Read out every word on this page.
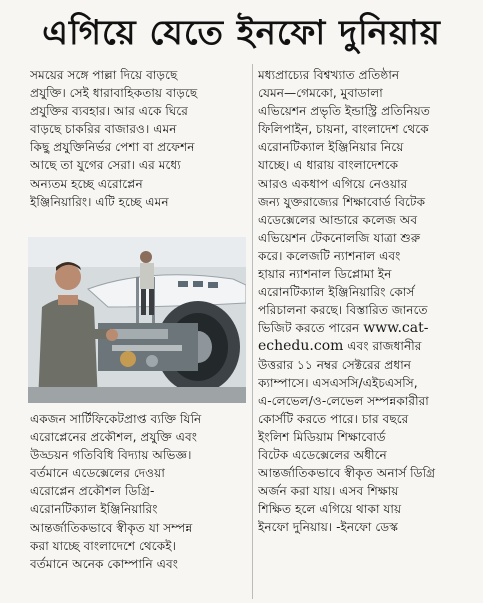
এগিয়ে যেতে ইনফো দুনিয়ায়
সময়ের সঙ্গে পাল্লা দিয়ে বাড়ছে
প্রযুক্তি। সেই ধারাবাহিকতায় বাড়ছে
প্রযুক্তির ব্যবহার। আর একে ঘিরে
বাড়ছে চাকরির বাজারও। এমন
কিছু প্রযুক্তিনির্ভর পেশা বা প্রফেশন
আছে তা যুগের সেরা। এর মধ্যে
অন্যতম হচ্ছে এরোপ্লেন
ইঞ্জিনিয়ারিং। এটি হচ্ছে এমন
একজন সার্টিফিকেটপ্রাপ্ত ব্যক্তি যিনি
এরোপ্লেনের প্রকৌশল, প্রযুক্তি এবং
উড্ডয়ন গতিবিধি বিদ্যায় অভিজ্ঞ।
বর্তমানে এডেক্সেলের দেওয়া
এরোপ্লেন প্রকৌশল ডিগ্রি-
এরোনটিক্যাল ইঞ্জিনিয়ারিং
আন্তর্জাতিকভাবে স্বীকৃত যা সম্পন্ন
করা যাচ্ছে বাংলাদেশে থেকেই।
বর্তমানে অনেক কোম্পানি এবং
মধ্যপ্রাচ্যের বিশ্বখ্যাত প্রতিষ্ঠান
যেমন—গেমকো, মুবাডালা
এভিয়েশন প্রভৃতি ইন্ডাস্ট্রি প্রতিনিয়ত
ফিলিপাইন, চায়না, বাংলাদেশ থেকে
এরোনটিক্যাল ইঞ্জিনিয়ার নিয়ে
যাচ্ছে। এ ধারায় বাংলাদেশকে
আরও একধাপ এগিয়ে নেওয়ার
জন্য যুক্তরাজ্যের শিক্ষাবোর্ড বিটেক
এডেক্সেলের আন্ডারে কলেজ অব
এভিয়েশন টেকনোলজি যাত্রা শুরু
করে। কলেজটি ন্যাশনাল এবং
হায়ার ন্যাশনাল ডিপ্লোমা ইন
এরোনটিক্যাল ইঞ্জিনিয়ারিং কোর্স
পরিচালনা করছে। বিস্তারিত জানতে
ভিজিট করতে পারেন www.cat-
echedu.com এবং রাজধানীর
উত্তরার ১১ নম্বর সেক্টরের প্রধান
ক্যাম্পাসে। এসএসসি/এইচএসসি,
এ-লেভেল/ও-লেভেল সম্পন্নকারীরা
কোর্সটি করতে পারে। চার বছরে
ইংলিশ মিডিয়াম শিক্ষাবোর্ড
বিটেক এডেক্সেলের অধীনে
আন্তর্জাতিকভাবে স্বীকৃত অনার্স ডিগ্রি
অর্জন করা যায়। এসব শিক্ষায়
শিক্ষিত হলে এগিয়ে থাকা যায়
ইনফো দুনিয়ায়। -ইনফো ডেস্ক
